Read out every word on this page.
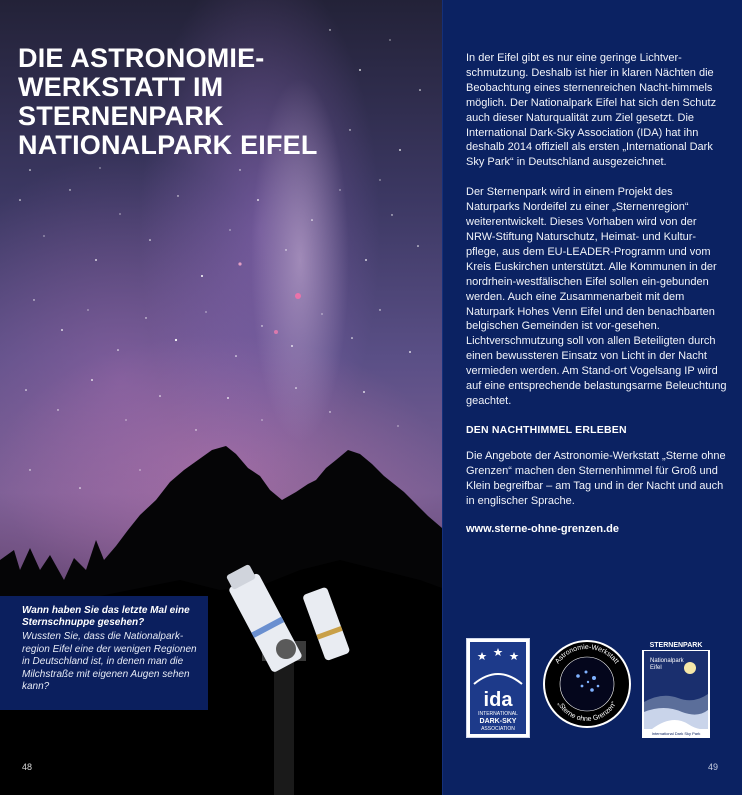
DIE ASTRONOMIE-WERKSTATT IM STERNENPARK NATIONALPARK EIFEL

Wann haben Sie das letzte Mal eine Sternschnuppe gesehen?

Wussten Sie, dass die Nationalpark-region Eifel eine der wenigen Regionen in Deutschland ist, in denen man die Milchstraße mit eigenen Augen sehen kann?

48

In der Eifel gibt es nur eine geringe Lichtver-schmutzung. Deshalb ist hier in klaren Nächten die Beobachtung eines sternenreichen Nacht-himmels möglich. Der Nationalpark Eifel hat sich den Schutz auch dieser Naturqualität zum Ziel gesetzt. Die International Dark-Sky Association (IDA) hat ihn deshalb 2014 offiziell als ersten „International Dark Sky Park“ in Deutschland ausgezeichnet.

Der Sternenpark wird in einem Projekt des Naturparks Nordeifel zu einer „Sternenregion“ weiterentwickelt. Dieses Vorhaben wird von der NRW-Stiftung Naturschutz, Heimat- und Kultur-pflege, aus dem EU-LEADER-Programm und vom Kreis Euskirchen unterstützt. Alle Kommunen in der nordrhein-westfälischen Eifel sollen ein-gebunden werden. Auch eine Zusammenarbeit mit dem Naturpark Hohes Venn Eifel und den benachbarten belgischen Gemeinden ist vor-gesehen. Lichtverschmutzung soll von allen Beteiligten durch einen bewussteren Einsatz von Licht in der Nacht vermieden werden. Am Stand-ort Vogelsang IP wird auf eine entsprechende belastungsarme Beleuchtung geachtet.

DEN NACHTHIMMEL ERLEBEN

Die Angebote der Astronomie-Werkstatt „Sterne ohne Grenzen“ machen den Sternenhimmel für Groß und Klein begreifbar – am Tag und in der Nacht und auch in englischer Sprache.

www.sterne-ohne-grenzen.de
ida
INTERNATIONAL
DARK-SKY
ASSOCIATION
Astronomie-Werkstatt
„Sterne ohne Grenzen“
STERNENPARK
Nationalpark
Eifel
International Dark Sky Park
49
